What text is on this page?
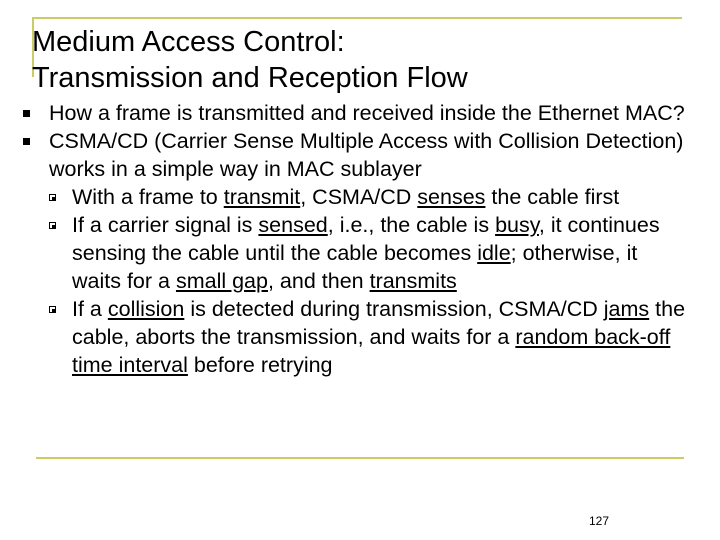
Medium Access Control:
Transmission and Reception Flow
How a frame is transmitted and received inside the Ethernet MAC?
CSMA/CD (Carrier Sense Multiple Access with Collision Detection) works in a simple way in MAC sublayer
With a frame to transmit, CSMA/CD senses the cable first
If a carrier signal is sensed, i.e., the cable is busy, it continues sensing the cable until the cable becomes idle; otherwise, it waits for a small gap, and then transmits
If a collision is detected during transmission, CSMA/CD jams the cable, aborts the transmission, and waits for a random back-off time interval before retrying
127
